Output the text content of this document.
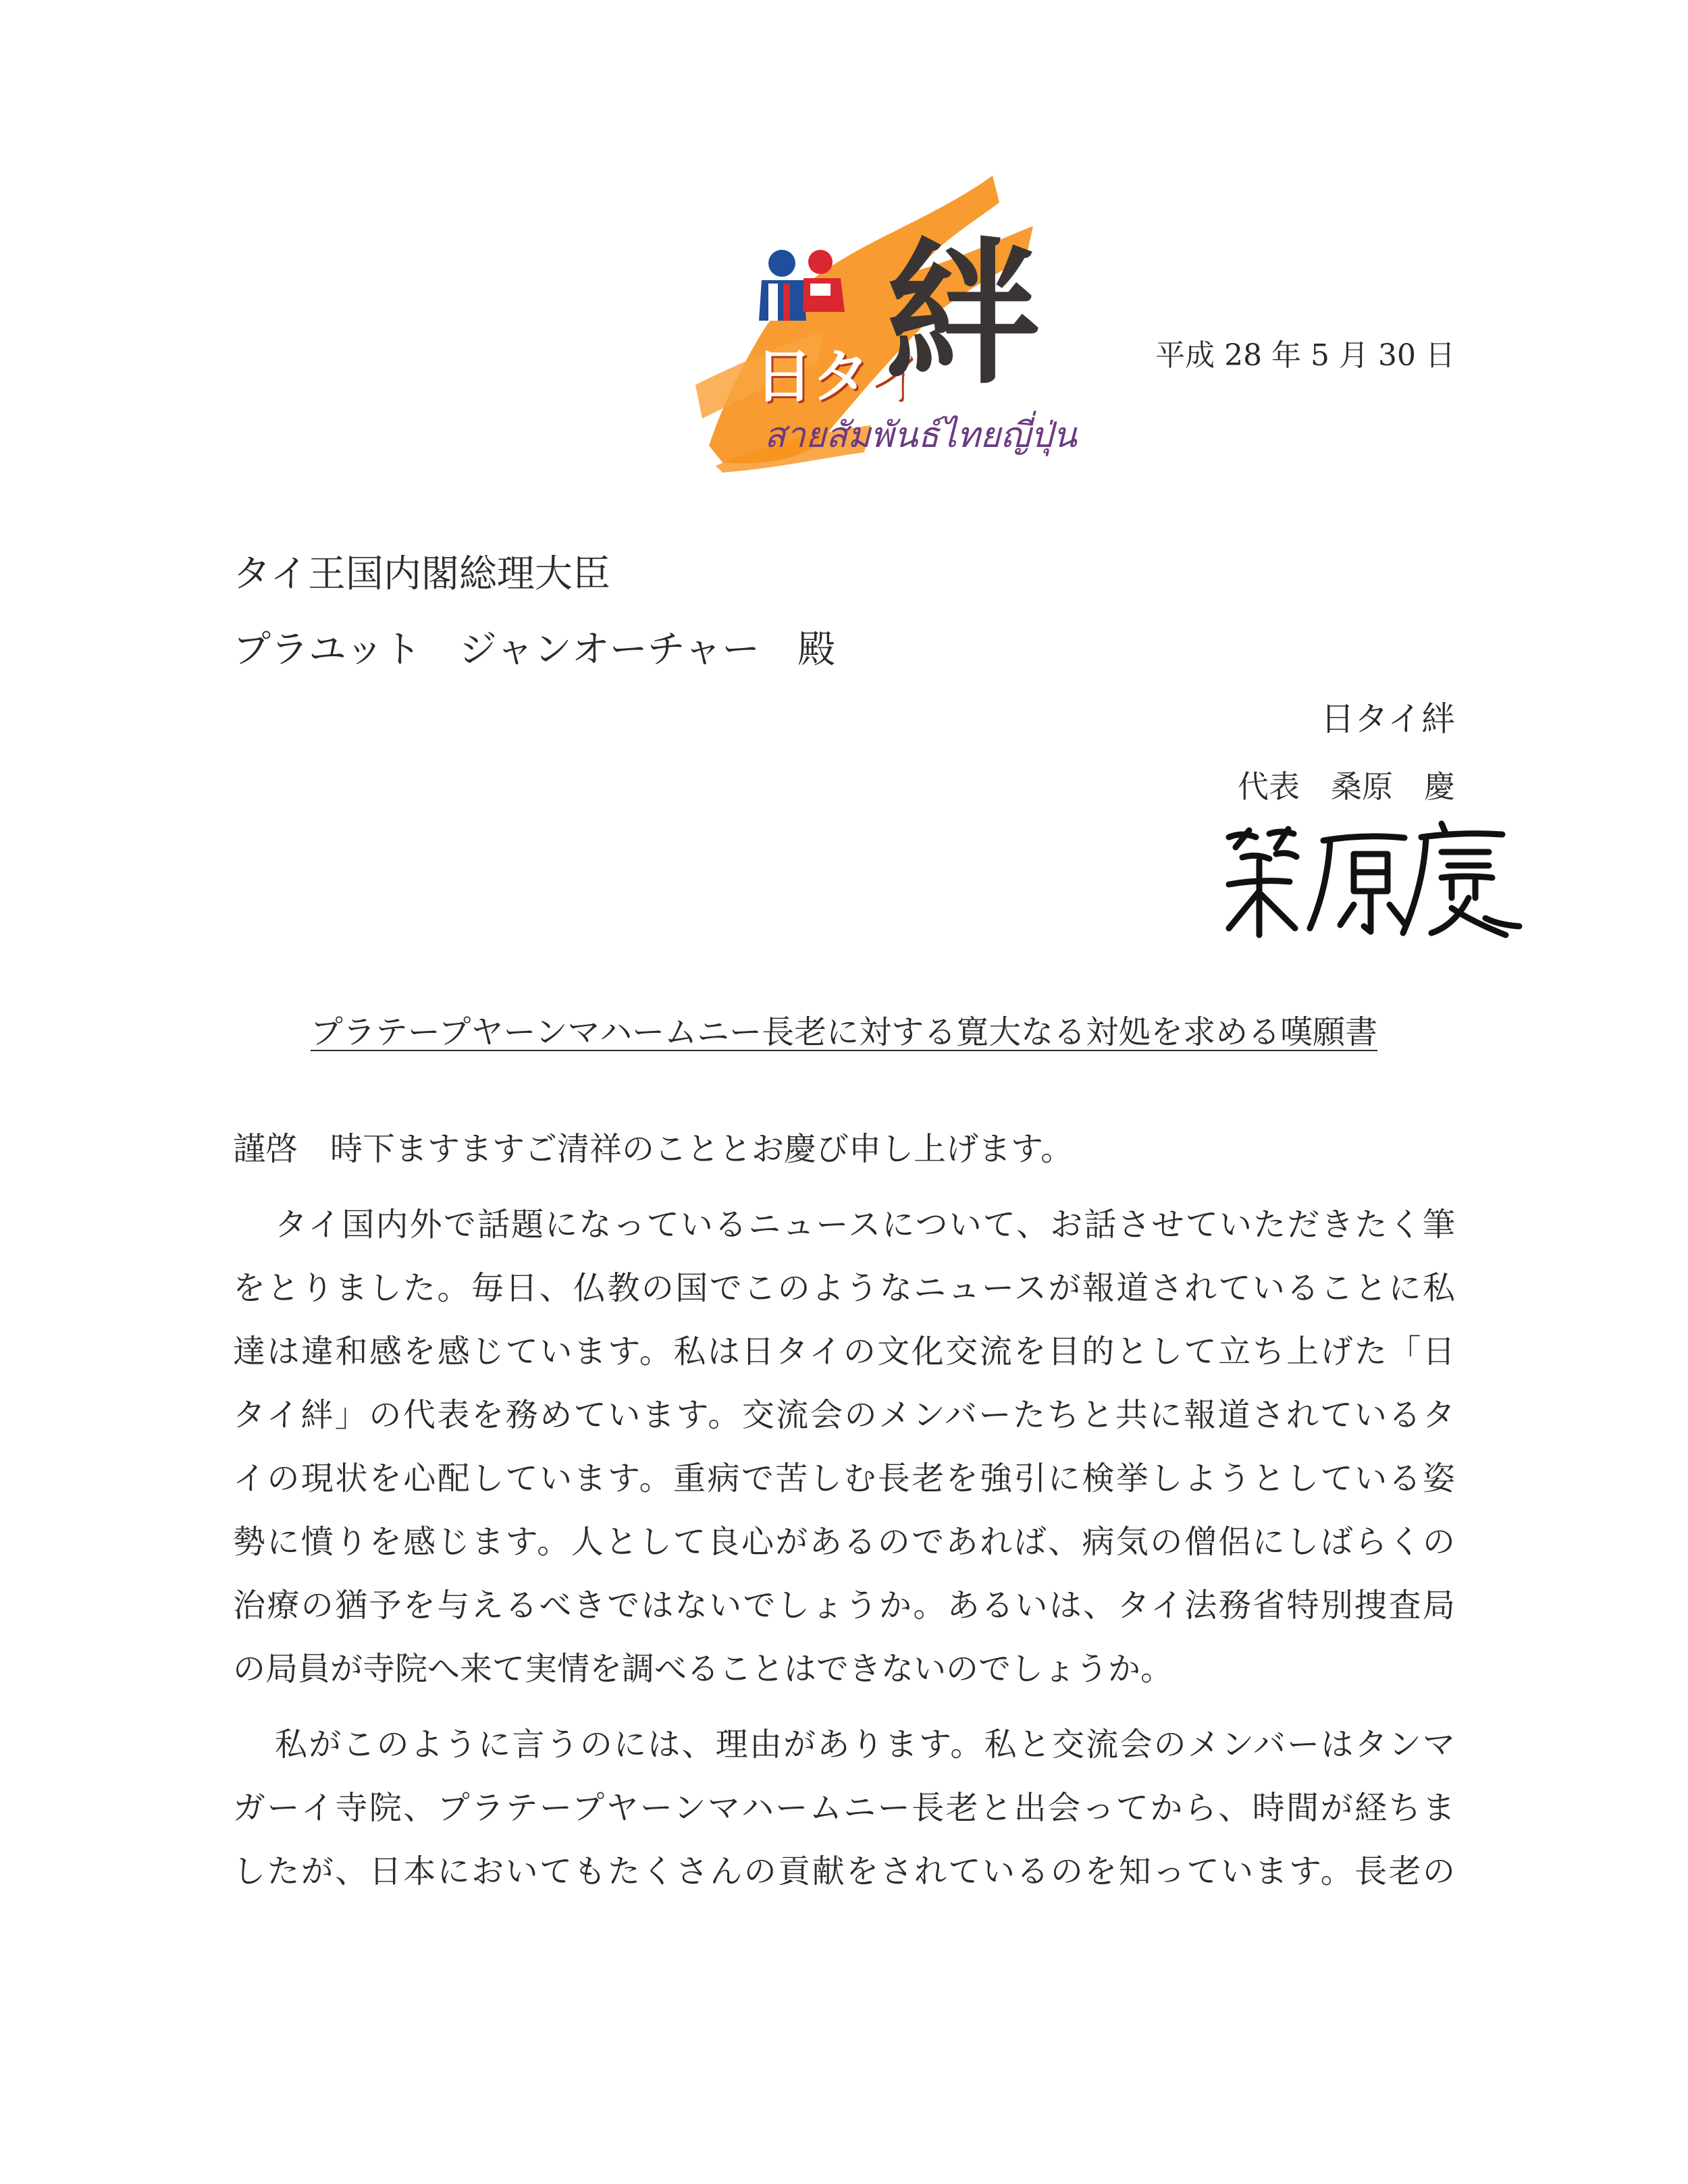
日タイ
絆
สายสัมพันธ์ไทยญี่ปุ่น
平成 28 年 5 月 30 日
タイ王国内閣総理大臣
プラユット　ジャンオーチャー　殿
日タイ絆
代表　桑原　慶
プラテープヤーンマハームニー長老に対する寛大なる対処を求める嘆願書
謹啓　時下ますますご清祥のこととお慶び申し上げます。
タイ国内外で話題になっているニュースについて、お話させていただきたく筆
をとりました。毎日、仏教の国でこのようなニュースが報道されていることに私
達は違和感を感じています。私は日タイの文化交流を目的として立ち上げた「日
タイ絆」の代表を務めています。交流会のメンバーたちと共に報道されているタ
イの現状を心配しています。重病で苦しむ長老を強引に検挙しようとしている姿
勢に憤りを感じます。人として良心があるのであれば、病気の僧侶にしばらくの
治療の猶予を与えるべきではないでしょうか。あるいは、タイ法務省特別捜査局
の局員が寺院へ来て実情を調べることはできないのでしょうか。
私がこのように言うのには、理由があります。私と交流会のメンバーはタンマ
ガーイ寺院、プラテープヤーンマハームニー長老と出会ってから、時間が経ちま
したが、日本においてもたくさんの貢献をされているのを知っています。長老の
